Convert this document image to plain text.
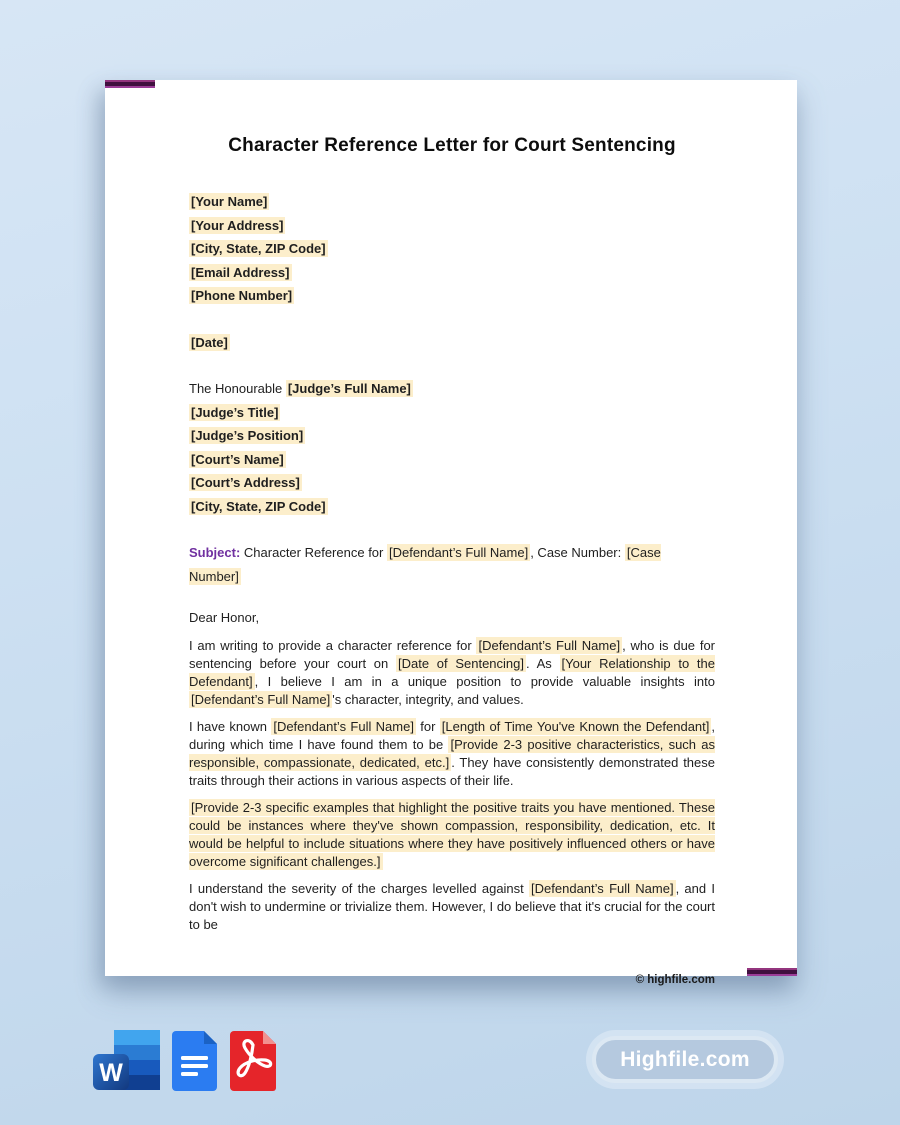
Character Reference Letter for Court Sentencing
[Your Name]
[Your Address]
[City, State, ZIP Code]
[Email Address]
[Phone Number]
[Date]
The Honourable [Judge’s Full Name]
[Judge’s Title]
[Judge’s Position]
[Court’s Name]
[Court’s Address]
[City, State, ZIP Code]
Subject: Character Reference for [Defendant’s Full Name] , Case Number: [Case Number]
Dear Honor,
I am writing to provide a character reference for [Defendant’s Full Name] , who is due for sentencing before your court on [Date of Sentencing] . As [Your Relationship to the Defendant] , I believe I am in a unique position to provide valuable insights into [Defendant’s Full Name] 's character, integrity, and values.
I have known [Defendant’s Full Name] for [Length of Time You've Known the Defendant] , during which time I have found them to be [Provide 2-3 positive characteristics, such as responsible, compassionate, dedicated, etc.] . They have consistently demonstrated these traits through their actions in various aspects of their life.
[Provide 2-3 specific examples that highlight the positive traits you have mentioned. These could be instances where they've shown compassion, responsibility, dedication, etc. It would be helpful to include situations where they have positively influenced others or have overcome significant challenges.]
I understand the severity of the charges levelled against [Defendant’s Full Name] , and I don't wish to undermine or trivialize them. However, I do believe that it's crucial for the court to be
© highfile.com
W	Highfile.com
